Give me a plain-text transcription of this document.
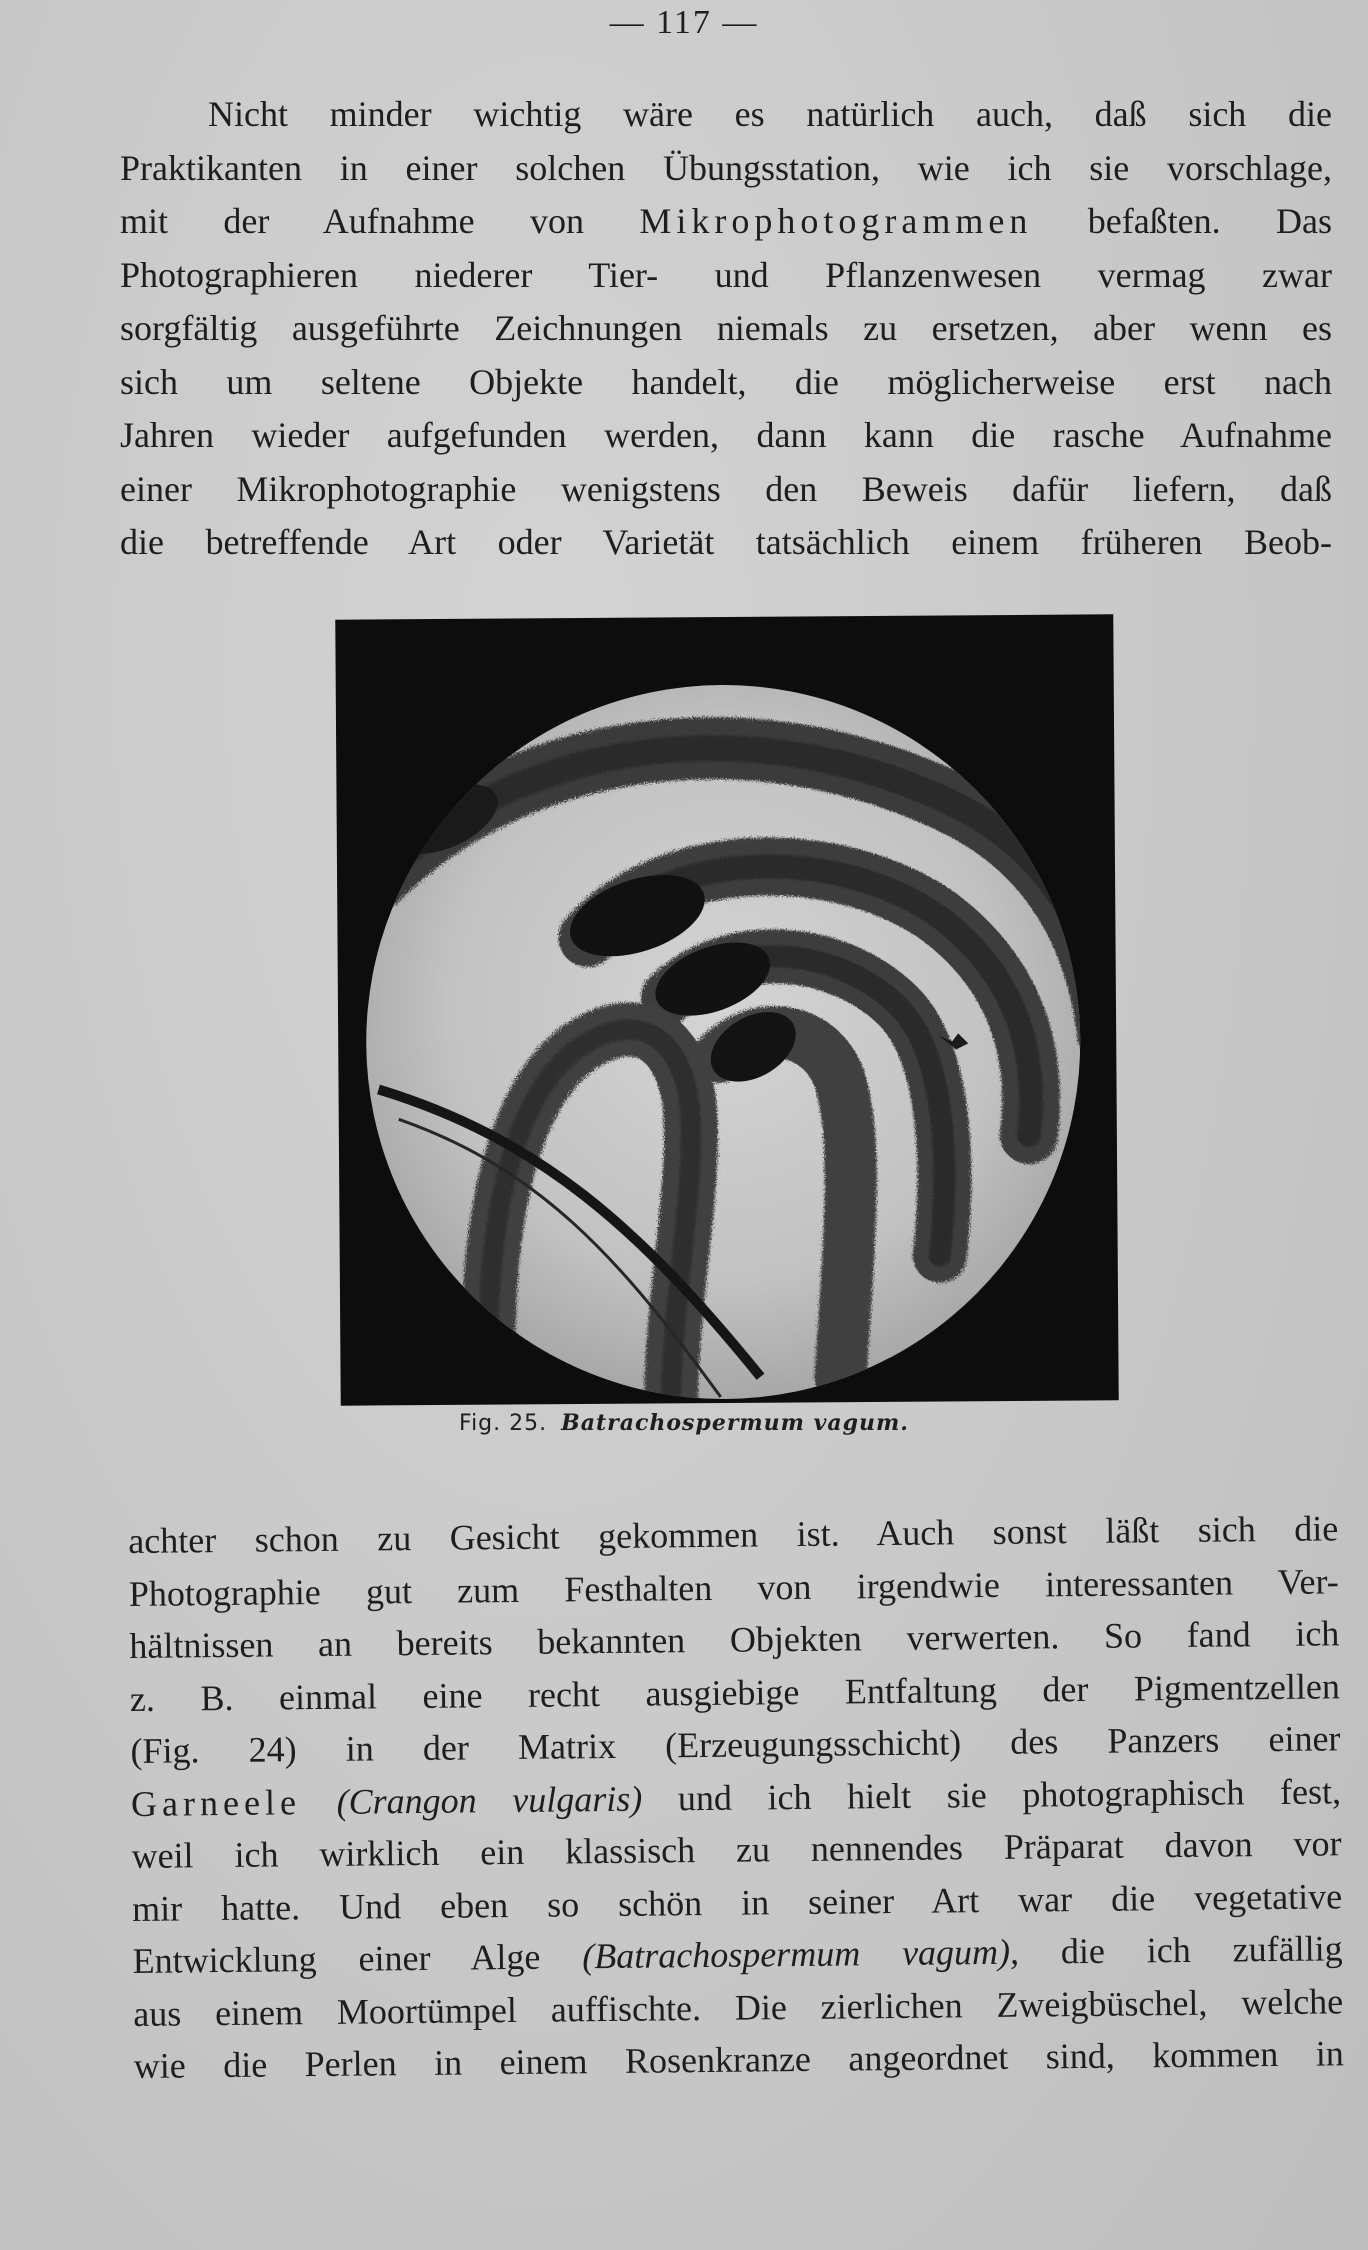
— 117 —
Nicht minder wichtig wäre es natürlich auch, daß sich die
Praktikanten in einer solchen Übungsstation, wie ich sie vorschlage,
mit der Aufnahme von Mikrophotogrammen befaßten. Das
Photographieren niederer Tier- und Pflanzenwesen vermag zwar
sorgfältig ausgeführte Zeichnungen niemals zu ersetzen, aber wenn es
sich um seltene Objekte handelt, die möglicherweise erst nach
Jahren wieder aufgefunden werden, dann kann die rasche Aufnahme
einer Mikrophotographie wenigstens den Beweis dafür liefern, daß
die betreffende Art oder Varietät tatsächlich einem früheren Beob-
Fig. 25. Batrachospermum vagum.
achter schon zu Gesicht gekommen ist. Auch sonst läßt sich die
Photographie gut zum Festhalten von irgendwie interessanten Ver-
hältnissen an bereits bekannten Objekten verwerten. So fand ich
z. B. einmal eine recht ausgiebige Entfaltung der Pigmentzellen
(Fig. 24) in der Matrix (Erzeugungsschicht) des Panzers einer
Garneele (Crangon vulgaris) und ich hielt sie photographisch fest,
weil ich wirklich ein klassisch zu nennendes Präparat davon vor
mir hatte. Und eben so schön in seiner Art war die vegetative
Entwicklung einer Alge (Batrachospermum vagum), die ich zufällig
aus einem Moortümpel auffischte. Die zierlichen Zweigbüschel, welche
wie die Perlen in einem Rosenkranze angeordnet sind, kommen in
